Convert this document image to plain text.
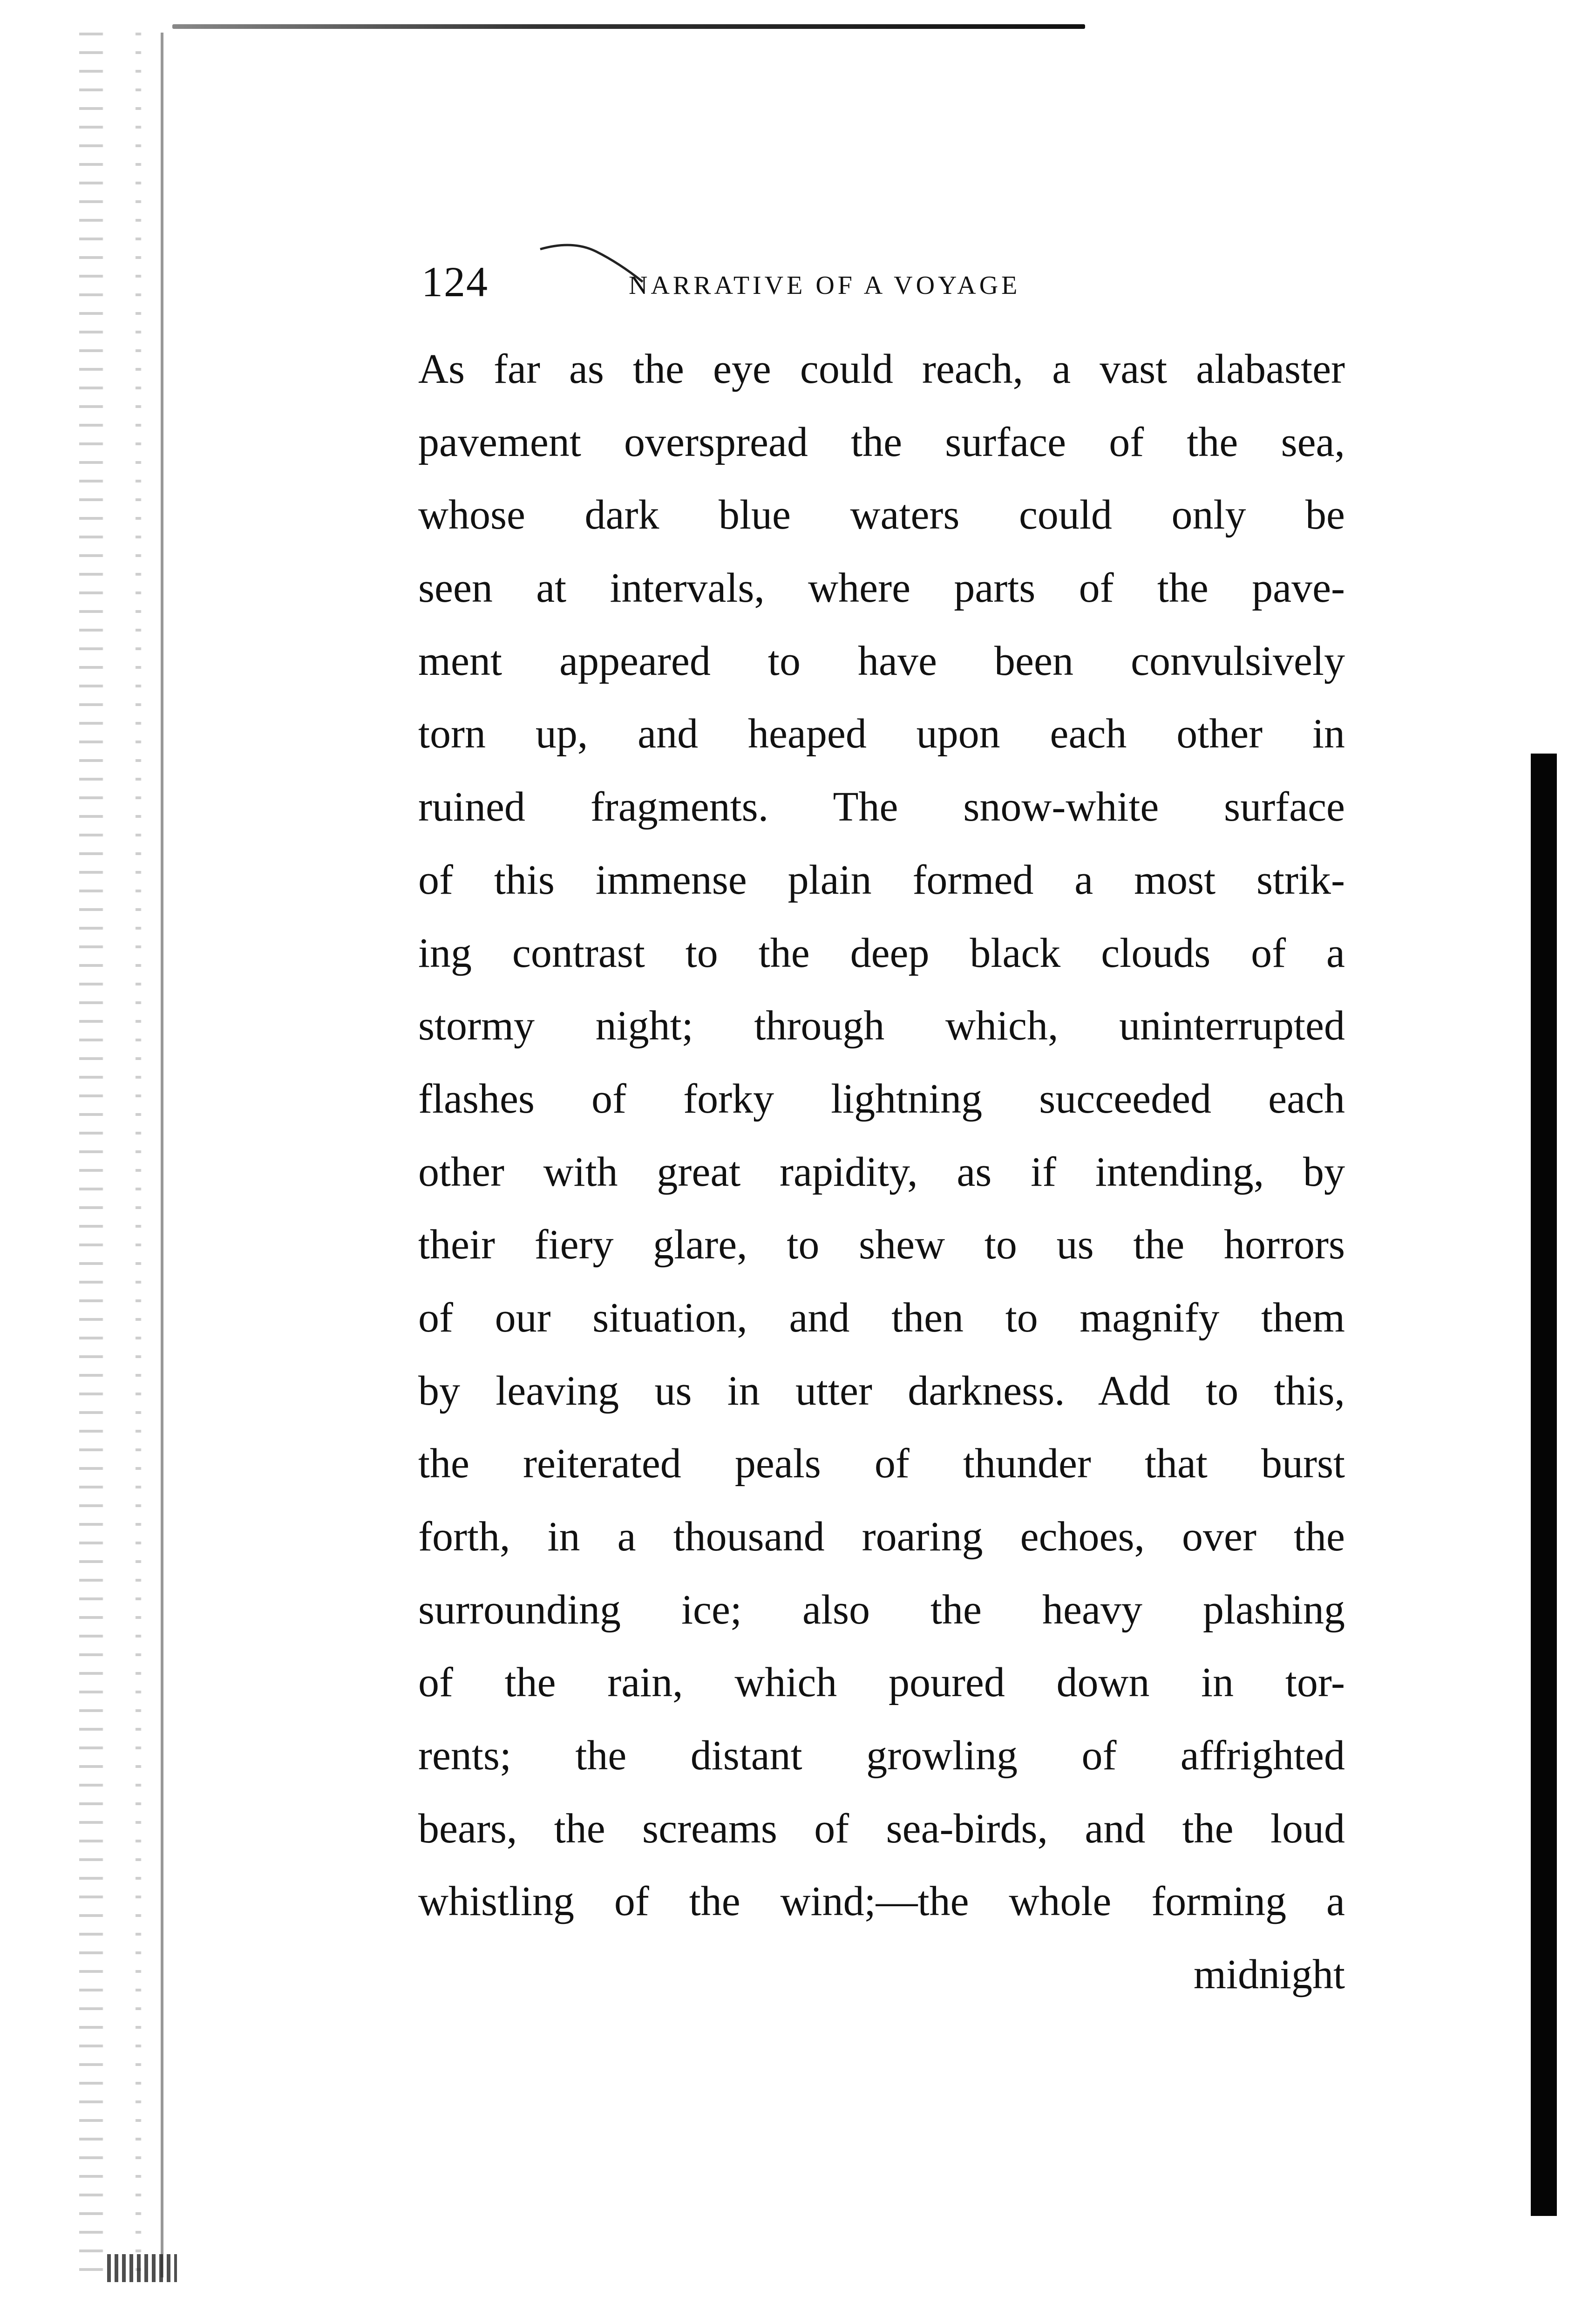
124	NARRATIVE OF A VOYAGE
As far as the eye could reach, a vast alabaster
pavement overspread the surface of the sea,
whose dark blue waters could only be
seen at intervals, where parts of the pave-
ment appeared to have been convulsively
torn up, and heaped upon each other in
ruined fragments. The snow-white surface
of this immense plain formed a most strik-
ing contrast to the deep black clouds of a
stormy night; through which, uninterrupted
flashes of forky lightning succeeded each
other with great rapidity, as if intending, by
their fiery glare, to shew to us the horrors
of our situation, and then to magnify them
by leaving us in utter darkness. Add to this,
the reiterated peals of thunder that burst
forth, in a thousand roaring echoes, over the
surrounding ice; also the heavy plashing
of the rain, which poured down in tor-
rents; the distant growling of affrighted
bears, the screams of sea-birds, and the loud
whistling of the wind;—the whole forming a
midnight
